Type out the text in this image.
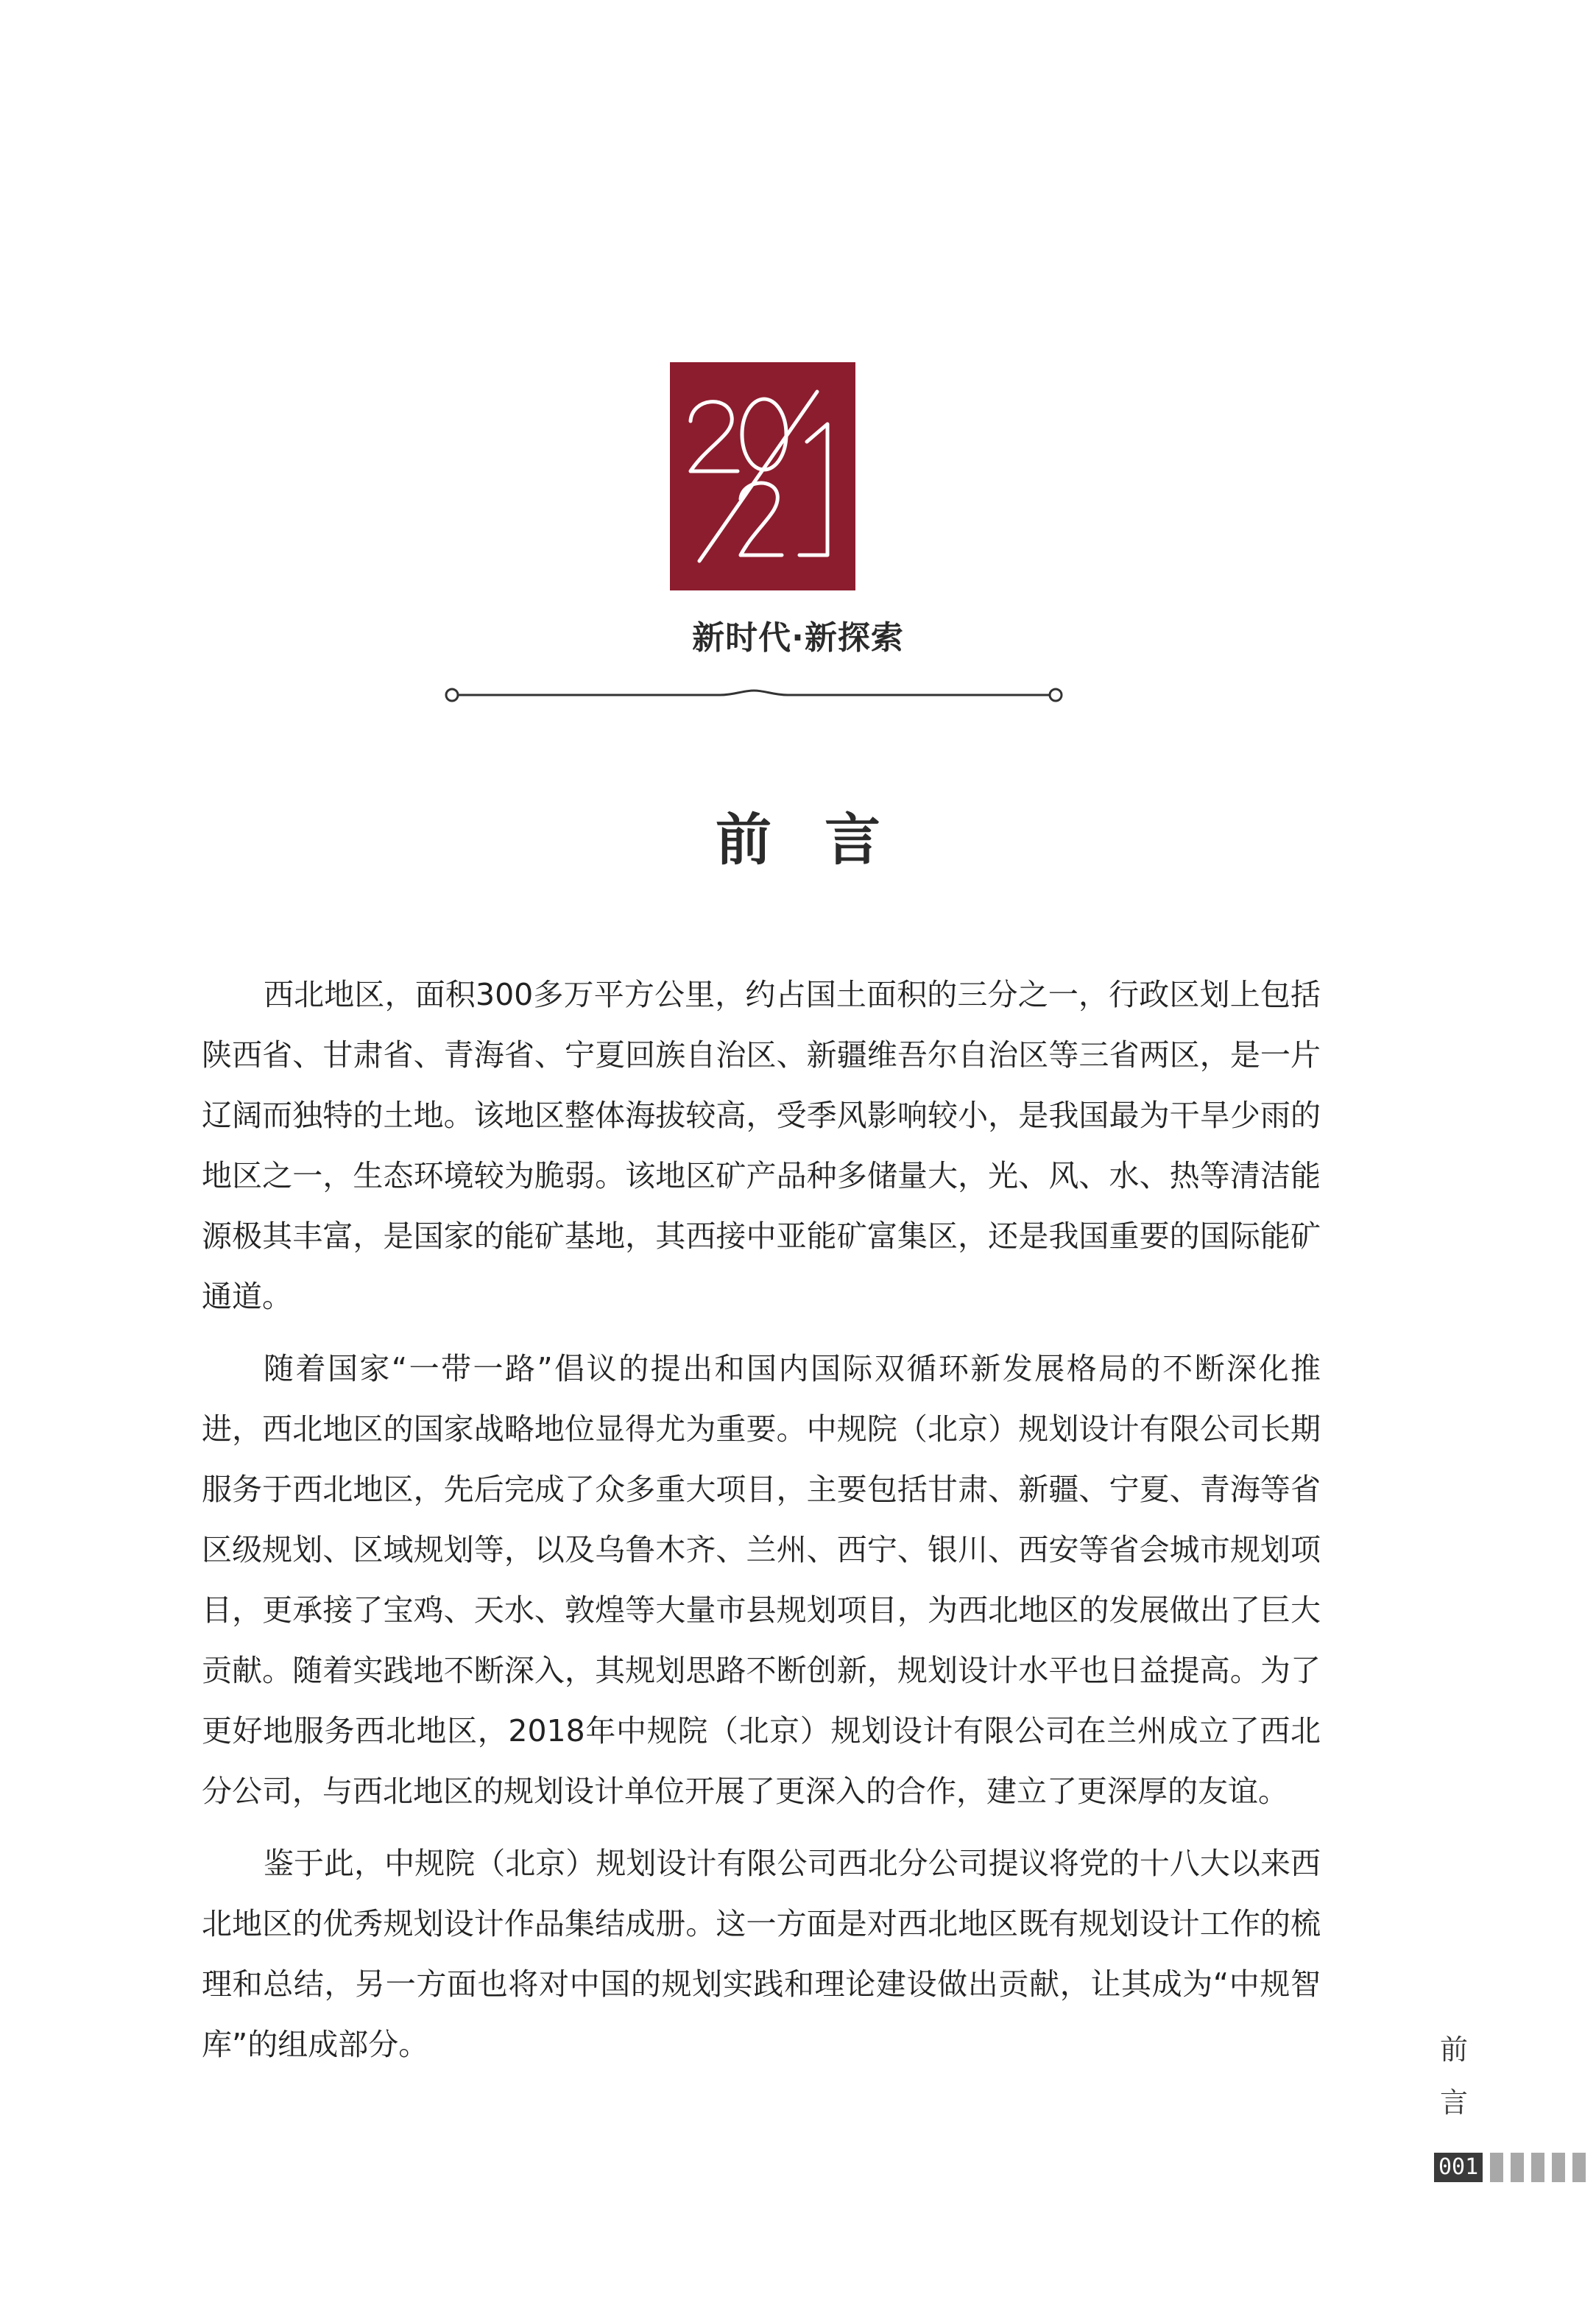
新时代·新探索
前 言

西北地区，面积300多万平方公里，约占国土面积的三分之一，行政区划上包括陕西省、甘肃省、青海省、宁夏回族自治区、新疆维吾尔自治区等三省两区，是一片辽阔而独特的土地。该地区整体海拔较高，受季风影响较小，是我国最为干旱少雨的地区之一，生态环境较为脆弱。该地区矿产品种多储量大，光、风、水、热等清洁能源极其丰富，是国家的能矿基地，其西接中亚能矿富集区，还是我国重要的国际能矿通道。

随着国家“一带一路”倡议的提出和国内国际双循环新发展格局的不断深化推进，西北地区的国家战略地位显得尤为重要。中规院（北京）规划设计有限公司长期服务于西北地区，先后完成了众多重大项目，主要包括甘肃、新疆、宁夏、青海等省区级规划、区域规划等，以及乌鲁木齐、兰州、西宁、银川、西安等省会城市规划项目，更承接了宝鸡、天水、敦煌等大量市县规划项目，为西北地区的发展做出了巨大贡献。随着实践地不断深入，其规划思路不断创新，规划设计水平也日益提高。为了更好地服务西北地区，2018年中规院（北京）规划设计有限公司在兰州成立了西北分公司，与西北地区的规划设计单位开展了更深入的合作，建立了更深厚的友谊。

鉴于此，中规院（北京）规划设计有限公司西北分公司提议将党的十八大以来西北地区的优秀规划设计作品集结成册。这一方面是对西北地区既有规划设计工作的梳理和总结，另一方面也将对中国的规划实践和理论建设做出贡献，让其成为“中规智库”的组成部分。	前
言
001
